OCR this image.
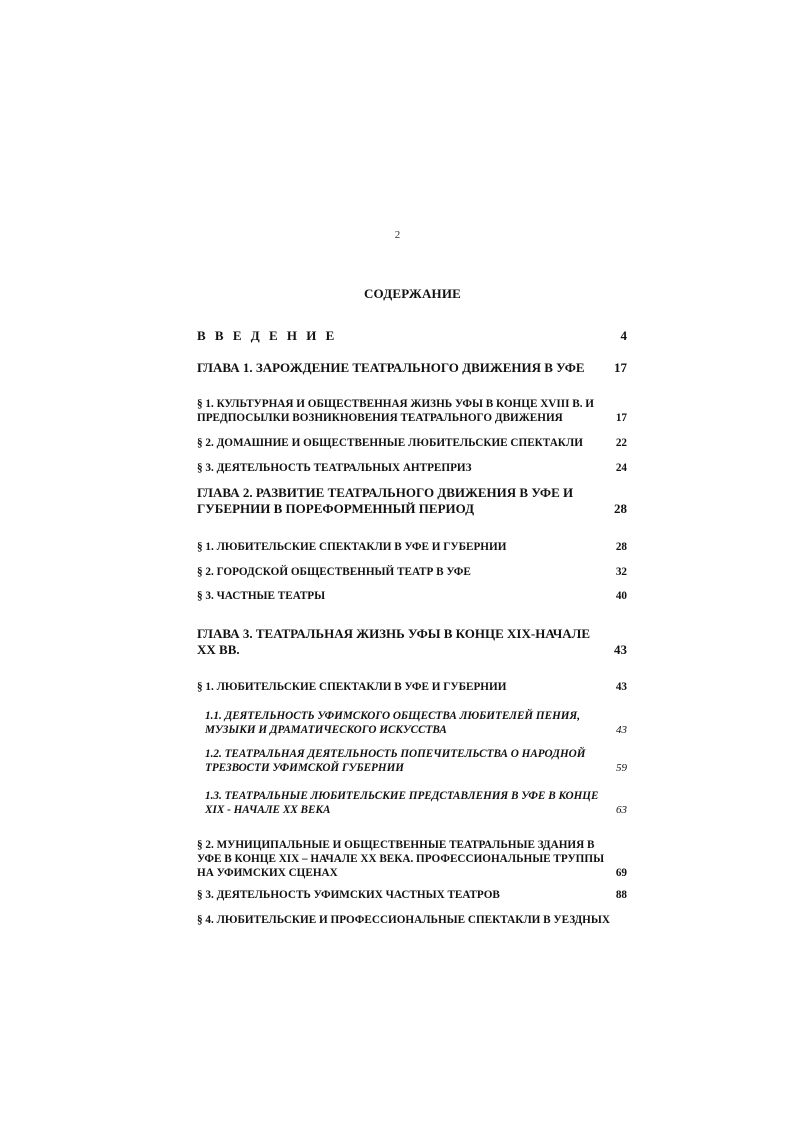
2
СОДЕРЖАНИЕ
В В Е Д Е Н И Е	4
ГЛАВА 1. ЗАРОЖДЕНИЕ ТЕАТРАЛЬНОГО ДВИЖЕНИЯ В УФЕ	17
§ 1. КУЛЬТУРНАЯ И ОБЩЕСТВЕННАЯ ЖИЗНЬ УФЫ В КОНЦЕ XVIII В. И ПРЕДПОСЫЛКИ ВОЗНИКНОВЕНИЯ ТЕАТРАЛЬНОГО ДВИЖЕНИЯ	17
§ 2. ДОМАШНИЕ И ОБЩЕСТВЕННЫЕ ЛЮБИТЕЛЬСКИЕ СПЕКТАКЛИ	22
§ 3. ДЕЯТЕЛЬНОСТЬ ТЕАТРАЛЬНЫХ АНТРЕПРИЗ	24
ГЛАВА 2. РАЗВИТИЕ ТЕАТРАЛЬНОГО ДВИЖЕНИЯ В УФЕ И ГУБЕРНИИ В ПОРЕФОРМЕННЫЙ ПЕРИОД	28
§ 1. ЛЮБИТЕЛЬСКИЕ СПЕКТАКЛИ В УФЕ И ГУБЕРНИИ	28
§ 2. ГОРОДСКОЙ ОБЩЕСТВЕННЫЙ ТЕАТР В УФЕ	32
§ 3. ЧАСТНЫЕ ТЕАТРЫ	40
ГЛАВА 3. ТЕАТРАЛЬНАЯ ЖИЗНЬ УФЫ В КОНЦЕ XIX-НАЧАЛЕ XX ВВ.	43
§ 1. ЛЮБИТЕЛЬСКИЕ СПЕКТАКЛИ В УФЕ И ГУБЕРНИИ	43
1.1. ДЕЯТЕЛЬНОСТЬ УФИМСКОГО ОБЩЕСТВА ЛЮБИТЕЛЕЙ ПЕНИЯ, МУЗЫКИ И ДРАМАТИЧЕСКОГО ИСКУССТВА	43
1.2. ТЕАТРАЛЬНАЯ ДЕЯТЕЛЬНОСТЬ ПОПЕЧИТЕЛЬСТВА О НАРОДНОЙ ТРЕЗВОСТИ УФИМСКОЙ ГУБЕРНИИ	59
1.3. ТЕАТРАЛЬНЫЕ ЛЮБИТЕЛЬСКИЕ ПРЕДСТАВЛЕНИЯ В УФЕ В КОНЦЕ XIX - НАЧАЛЕ XX ВЕКА	63
§ 2. МУНИЦИПАЛЬНЫЕ И ОБЩЕСТВЕННЫЕ ТЕАТРАЛЬНЫЕ ЗДАНИЯ В УФЕ В КОНЦЕ XIX – НАЧАЛЕ XX ВЕКА. ПРОФЕССИОНАЛЬНЫЕ ТРУППЫ НА УФИМСКИХ СЦЕНАХ	69
§ 3. ДЕЯТЕЛЬНОСТЬ УФИМСКИХ ЧАСТНЫХ ТЕАТРОВ	88
§ 4. ЛЮБИТЕЛЬСКИЕ И ПРОФЕССИОНАЛЬНЫЕ СПЕКТАКЛИ В УЕЗДНЫХ
